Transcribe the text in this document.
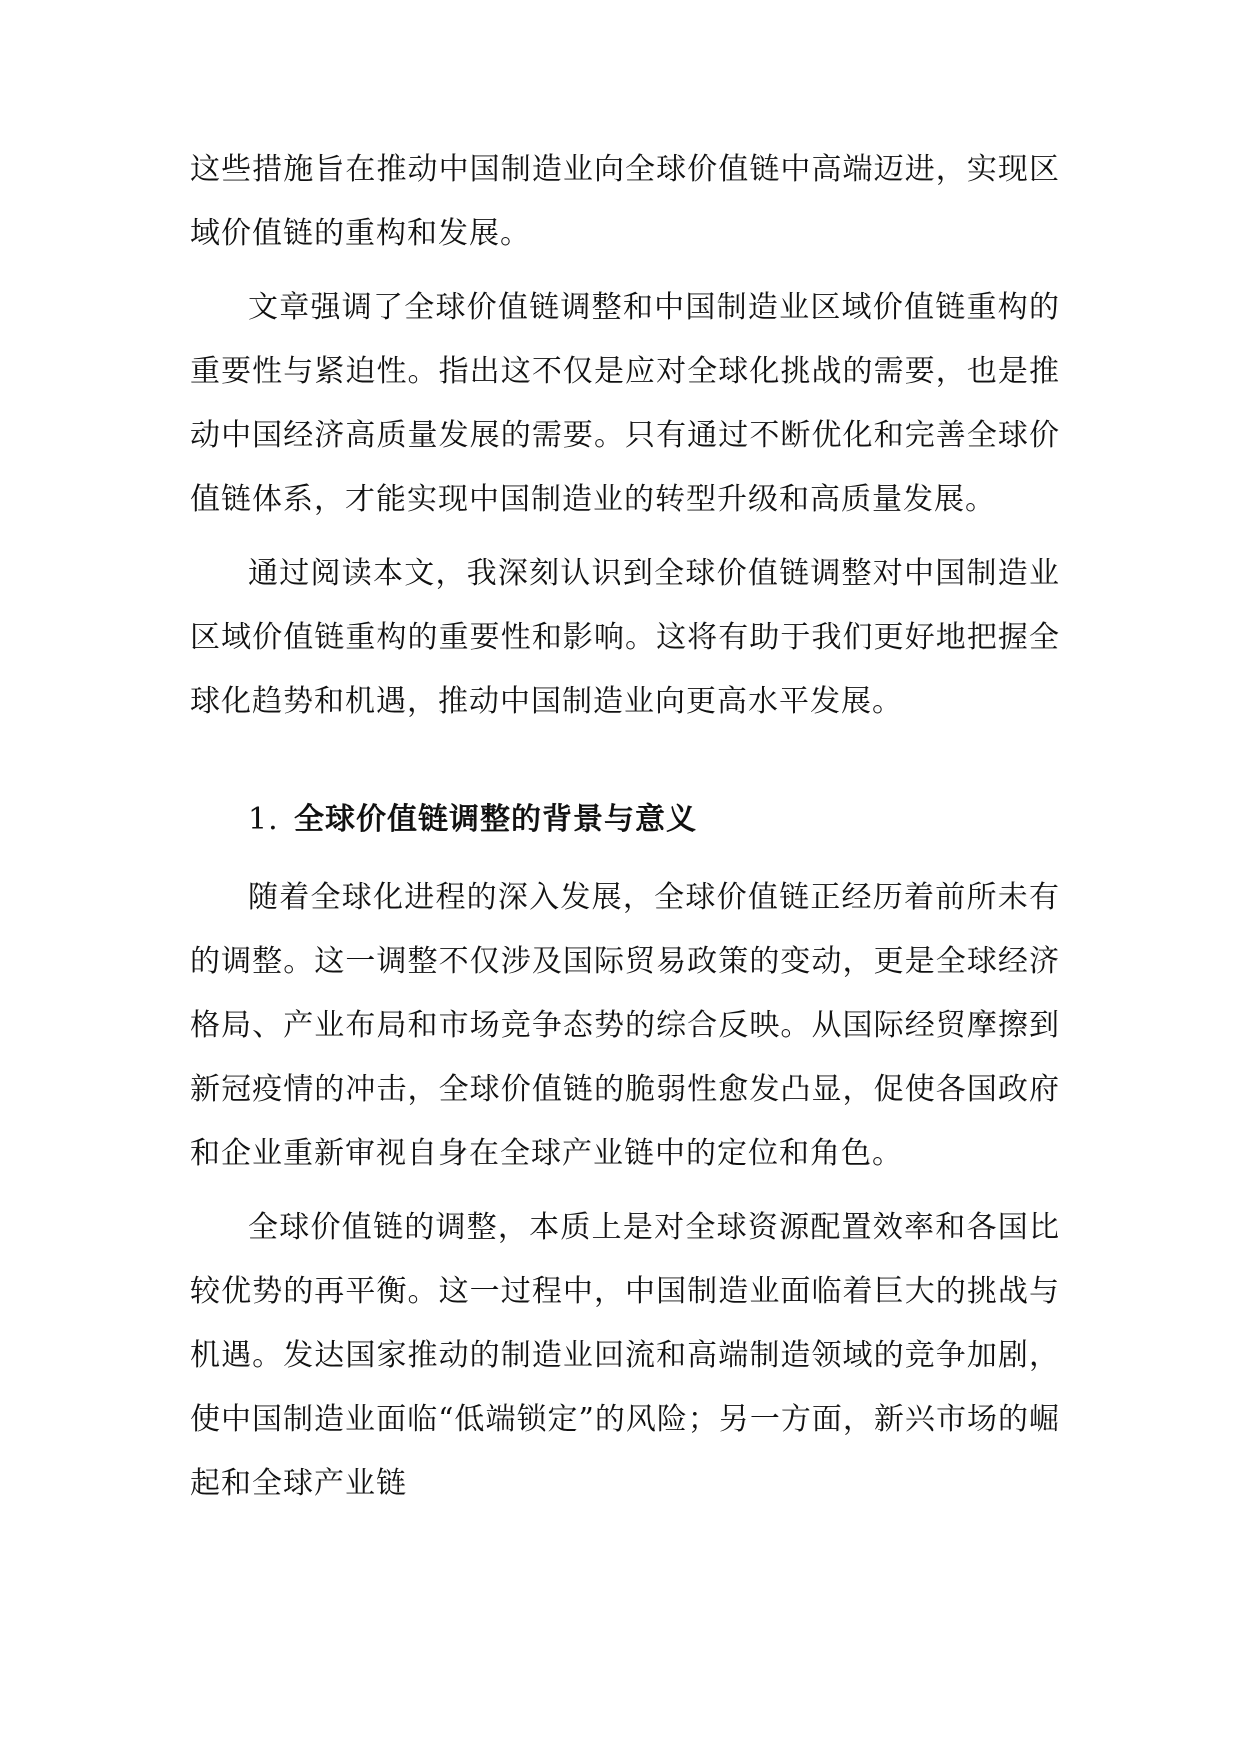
这些措施旨在推动中国制造业向全球价值链中高端迈进，实现区域价值链的重构和发展。

文章强调了全球价值链调整和中国制造业区域价值链重构的重要性与紧迫性。指出这不仅是应对全球化挑战的需要，也是推动中国经济高质量发展的需要。只有通过不断优化和完善全球价值链体系，才能实现中国制造业的转型升级和高质量发展。

通过阅读本文，我深刻认识到全球价值链调整对中国制造业区域价值链重构的重要性和影响。这将有助于我们更好地把握全球化趋势和机遇，推动中国制造业向更高水平发展。

1. 全球价值链调整的背景与意义

随着全球化进程的深入发展，全球价值链正经历着前所未有的调整。这一调整不仅涉及国际贸易政策的变动，更是全球经济格局、产业布局和市场竞争态势的综合反映。从国际经贸摩擦到新冠疫情的冲击，全球价值链的脆弱性愈发凸显，促使各国政府和企业重新审视自身在全球产业链中的定位和角色。

全球价值链的调整，本质上是对全球资源配置效率和各国比较优势的再平衡。这一过程中，中国制造业面临着巨大的挑战与机遇。发达国家推动的制造业回流和高端制造领域的竞争加剧，使中国制造业面临“低端锁定”的风险；另一方面，新兴市场的崛起和全球产业链
